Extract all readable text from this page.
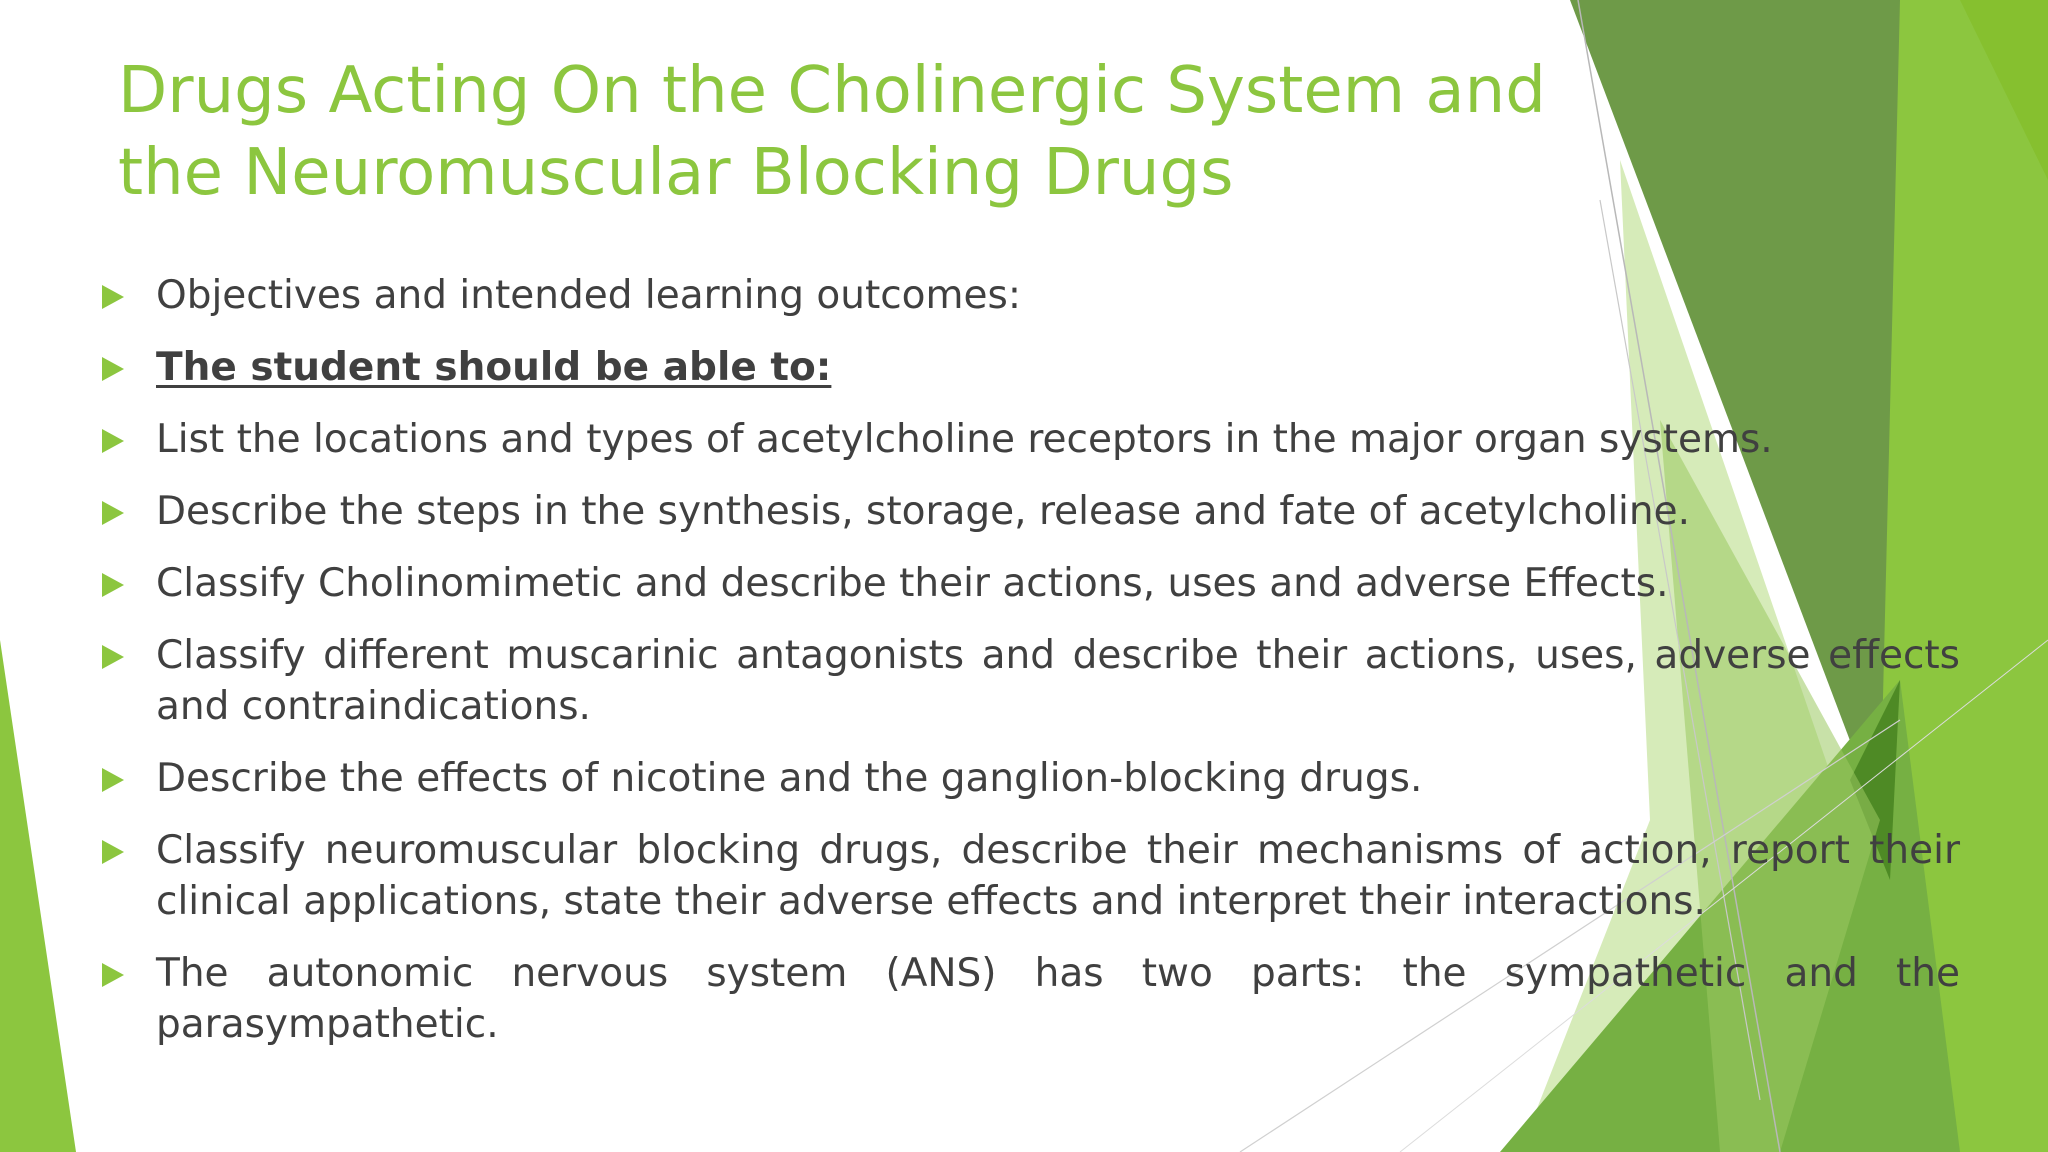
Drugs Acting On the Cholinergic System and
the Neuromuscular Blocking Drugs
Objectives and intended learning outcomes:
The student should be able to:
List the locations and types of acetylcholine receptors in the major organ systems.
Describe the steps in the synthesis, storage, release and fate of acetylcholine.
Classify Cholinomimetic and describe their actions, uses and adverse Effects.
Classify different muscarinic antagonists and describe their actions, uses, adverse effects and contraindications.
Describe the effects of nicotine and the ganglion-blocking drugs.
Classify neuromuscular blocking drugs, describe their mechanisms of action, report their clinical applications, state their adverse effects and interpret their interactions.
The autonomic nervous system (ANS) has two parts: the sympathetic and the parasympathetic.
